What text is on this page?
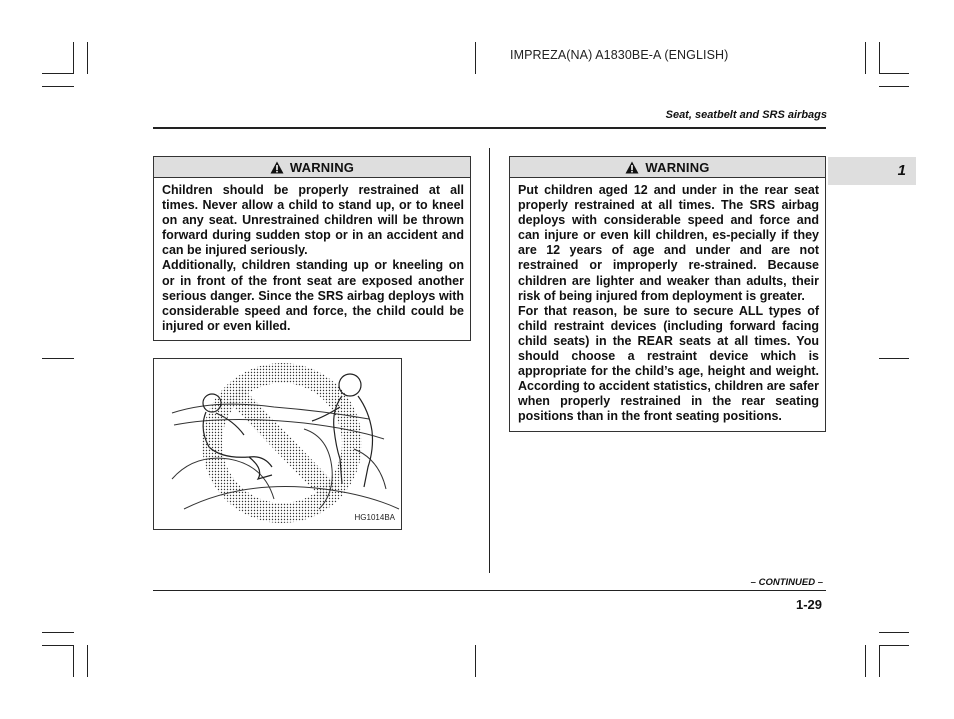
IMPREZA(NA) A1830BE-A (ENGLISH)
Seat, seatbelt and SRS airbags
1
WARNING

Children should be properly restrained at all times. Never allow a child to stand up, or to kneel on any seat. Unrestrained children will be thrown forward during sudden stop or in an accident and can be injured seriously.

Additionally, children standing up or kneeling on or in front of the front seat are exposed another serious danger. Since the SRS airbag deploys with considerable speed and force, the child could be injured or even killed.

HG1014BA
WARNING

Put children aged 12 and under in the rear seat properly restrained at all times. The SRS airbag deploys with considerable speed and force and can injure or even kill children, es-pecially if they are 12 years of age and under and are not restrained or improperly re-strained. Because children are lighter and weaker than adults, their risk of being injured from deployment is greater.

For that reason, be sure to secure ALL types of child restraint devices (including forward facing child seats) in the REAR seats at all times. You should choose a restraint device which is appropriate for the child’s age, height and weight. According to accident statistics, children are safer when properly restrained in the rear seating positions than in the front seating positions.

– CONTINUED –
1-29
